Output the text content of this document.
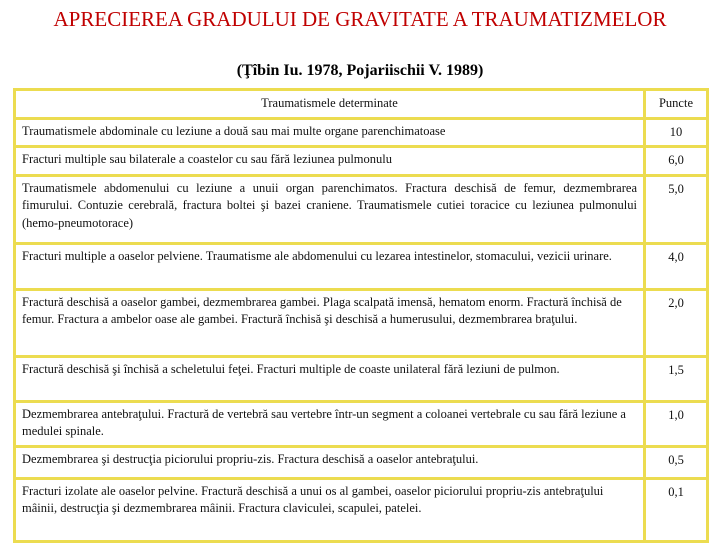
APRECIEREA GRADULUI DE GRAVITATE A TRAUMATIZMELOR
(Ţîbin Iu. 1978, Pojariischii V. 1989)
Traumatismele determinate	Puncte
Traumatismele abdominale cu leziune a două sau mai multe organe parenchimatoase	10
Fracturi multiple sau bilaterale a coastelor cu sau fără leziunea pulmonulu	6,0
Traumatismele abdomenului cu leziune a unuii organ parenchimatos. Fractura deschisă de femur, dezmembrarea fimurului. Contuzie cerebrală, fractura boltei şi bazei craniene. Traumatismele cutiei toracice cu leziunea pulmonului (hemo-pneumotorace)	5,0
Fracturi multiple a oaselor pelviene. Traumatisme ale abdomenului cu lezarea intestinelor, stomacului, vezicii urinare.	4,0
Fractură deschisă a oaselor gambei, dezmembrarea gambei. Plaga scalpată imensă, hematom enorm. Fractură închisă de femur. Fractura a ambelor oase ale gambei. Fractură închisă şi deschisă a humerusului, dezmembrarea braţului.	2,0
Fractură deschisă şi închisă a scheletului feţei. Fracturi multiple de coaste unilateral fără leziuni de pulmon.	1,5
Dezmembrarea antebraţului. Fractură de vertebră sau vertebre într-un segment a coloanei vertebrale cu sau fără leziune a medulei spinale.	1,0
Dezmembrarea şi destrucţia piciorului propriu-zis. Fractura deschisă a oaselor antebraţului.	0,5
Fracturi izolate ale oaselor pelvine. Fractură deschisă a unui os al gambei, oaselor piciorului propriu-zis antebraţului mâinii, destrucţia şi dezmembrarea mâinii. Fractura claviculei, scapulei, patelei.	0,1
